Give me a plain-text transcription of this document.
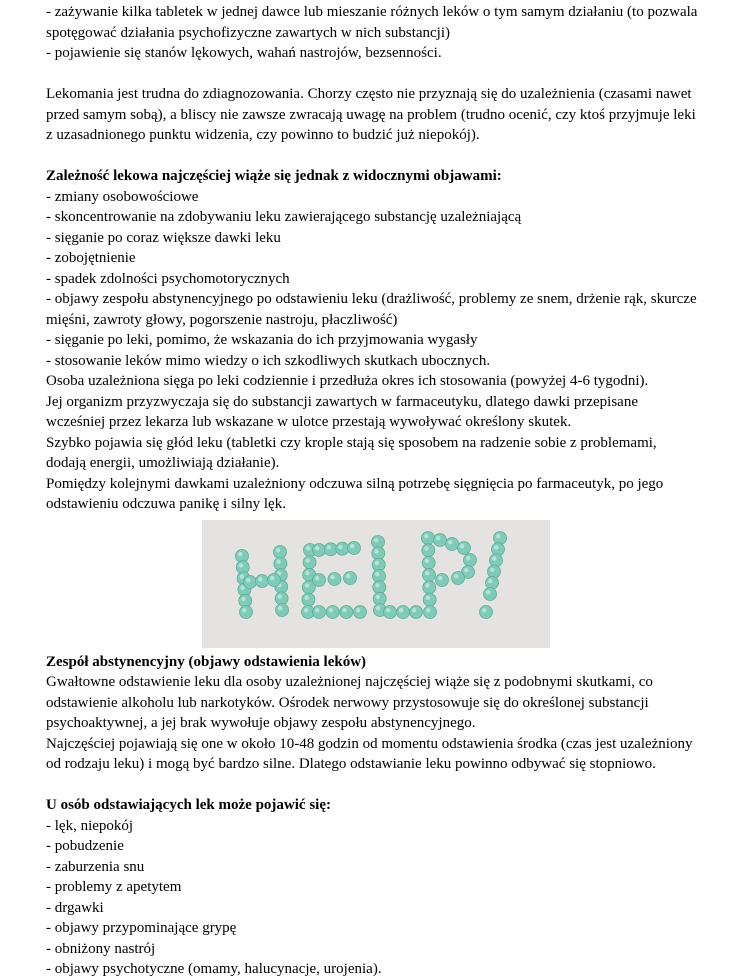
- zażywanie kilka tabletek w jednej dawce lub mieszanie różnych leków o tym samym działaniu (to pozwala
spotęgować działania psychofizyczne zawartych w nich substancji)
- pojawienie się stanów lękowych, wahań nastrojów, bezsenności.
Lekomania jest trudna do zdiagnozowania. Chorzy często nie przyznają się do uzależnienia (czasami nawet
przed samym sobą), a bliscy nie zawsze zwracają uwagę na problem (trudno ocenić, czy ktoś przyjmuje leki
z uzasadnionego punktu widzenia, czy powinno to budzić już niepokój).
Zależność lekowa najczęściej wiąże się jednak z widocznymi objawami:
- zmiany osobowościowe
- skoncentrowanie na zdobywaniu leku zawierającego substancję uzależniającą
- sięganie po coraz większe dawki leku
- zobojętnienie
- spadek zdolności psychomotorycznych
- objawy zespołu abstynencyjnego po odstawieniu leku (drażliwość, problemy ze snem, drżenie rąk, skurcze
mięśni, zawroty głowy, pogorszenie nastroju, płaczliwość)
- sięganie po leki, pomimo, że wskazania do ich przyjmowania wygasły
- stosowanie leków mimo wiedzy o ich szkodliwych skutkach ubocznych.
Osoba uzależniona sięga po leki codziennie i przedłuża okres ich stosowania (powyżej 4-6 tygodni).
Jej organizm przyzwyczaja się do substancji zawartych w farmaceutyku, dlatego dawki przepisane
wcześniej przez lekarza lub wskazane w ulotce przestają wywoływać określony skutek.
Szybko pojawia się głód leku (tabletki czy krople stają się sposobem na radzenie sobie z problemami,
dodają energii, umożliwiają działanie).
Pomiędzy kolejnymi dawkami uzależniony odczuwa silną potrzebę sięgnięcia po farmaceutyk, po jego
odstawieniu odczuwa panikę i silny lęk.
HELP!
Zespół abstynencyjny (objawy odstawienia leków)
Gwałtowne odstawienie leku dla osoby uzależnionej najczęściej wiąże się z podobnymi skutkami, co
odstawienie alkoholu lub narkotyków. Ośrodek nerwowy przystosowuje się do określonej substancji
psychoaktywnej, a jej brak wywołuje objawy zespołu abstynencyjnego.
Najczęściej pojawiają się one w około 10-48 godzin od momentu odstawienia środka (czas jest uzależniony
od rodzaju leku) i mogą być bardzo silne. Dlatego odstawianie leku powinno odbywać się stopniowo.
U osób odstawiających lek może pojawić się:
- lęk, niepokój
- pobudzenie
- zaburzenia snu
- problemy z apetytem
- drgawki
- objawy przypominające grypę
- obniżony nastrój
- objawy psychotyczne (omamy, halucynacje, urojenia).
